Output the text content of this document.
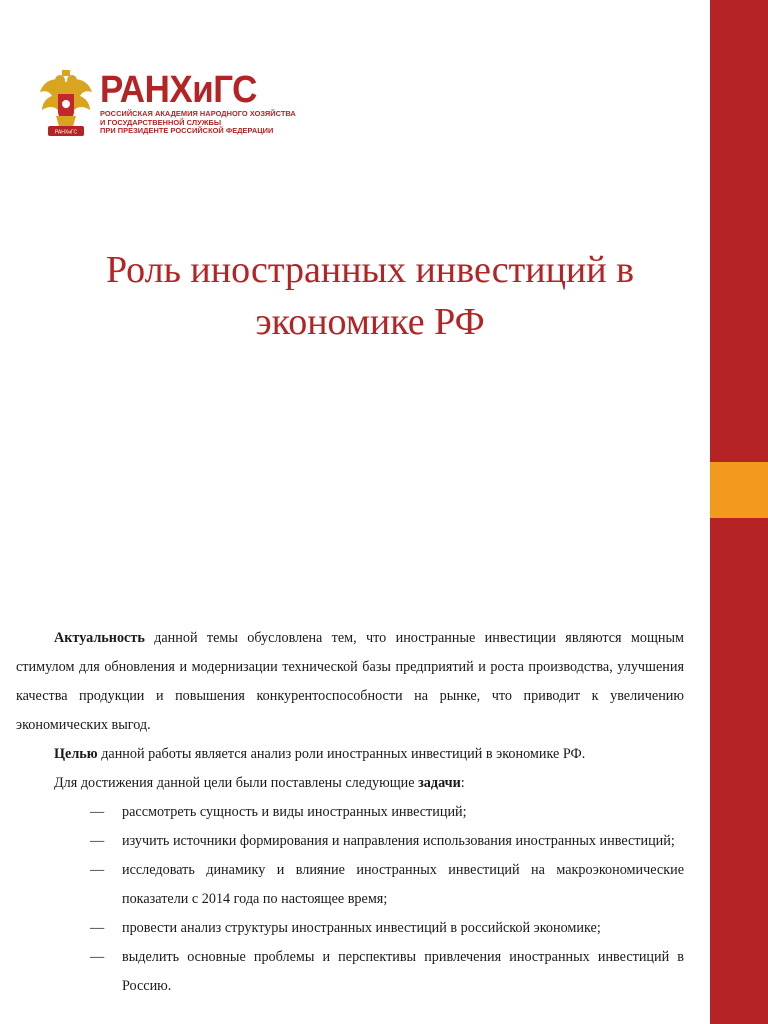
РАНХиГС
РАНХиГС
РОССИЙСКАЯ АКАДЕМИЯ НАРОДНОГО ХОЗЯЙСТВА
И ГОСУДАРСТВЕННОЙ СЛУЖБЫ
ПРИ ПРЕЗИДЕНТЕ РОССИЙСКОЙ ФЕДЕРАЦИИ
Роль иностранных инвестиций в
экономике РФ

Актуальность данной темы обусловлена тем, что иностранные инвестиции являются мощным стимулом для обновления и модернизации технической базы предприятий и роста производства, улучшения качества продукции и повышения конкурентоспособности на рынке, что приводит к увеличению экономических выгод.

Целью данной работы является анализ роли иностранных инвестиций в экономике РФ.

Для достижения данной цели были поставлены следующие задачи:

— рассмотреть сущность и виды иностранных инвестиций;
— изучить источники формирования и направления использования иностранных инвестиций;
— исследовать динамику и влияние иностранных инвестиций на макроэкономические показатели с 2014 года по настоящее время;
— провести анализ структуры иностранных инвестиций в российской экономике;
— выделить основные проблемы и перспективы привлечения иностранных инвестиций в Россию.
